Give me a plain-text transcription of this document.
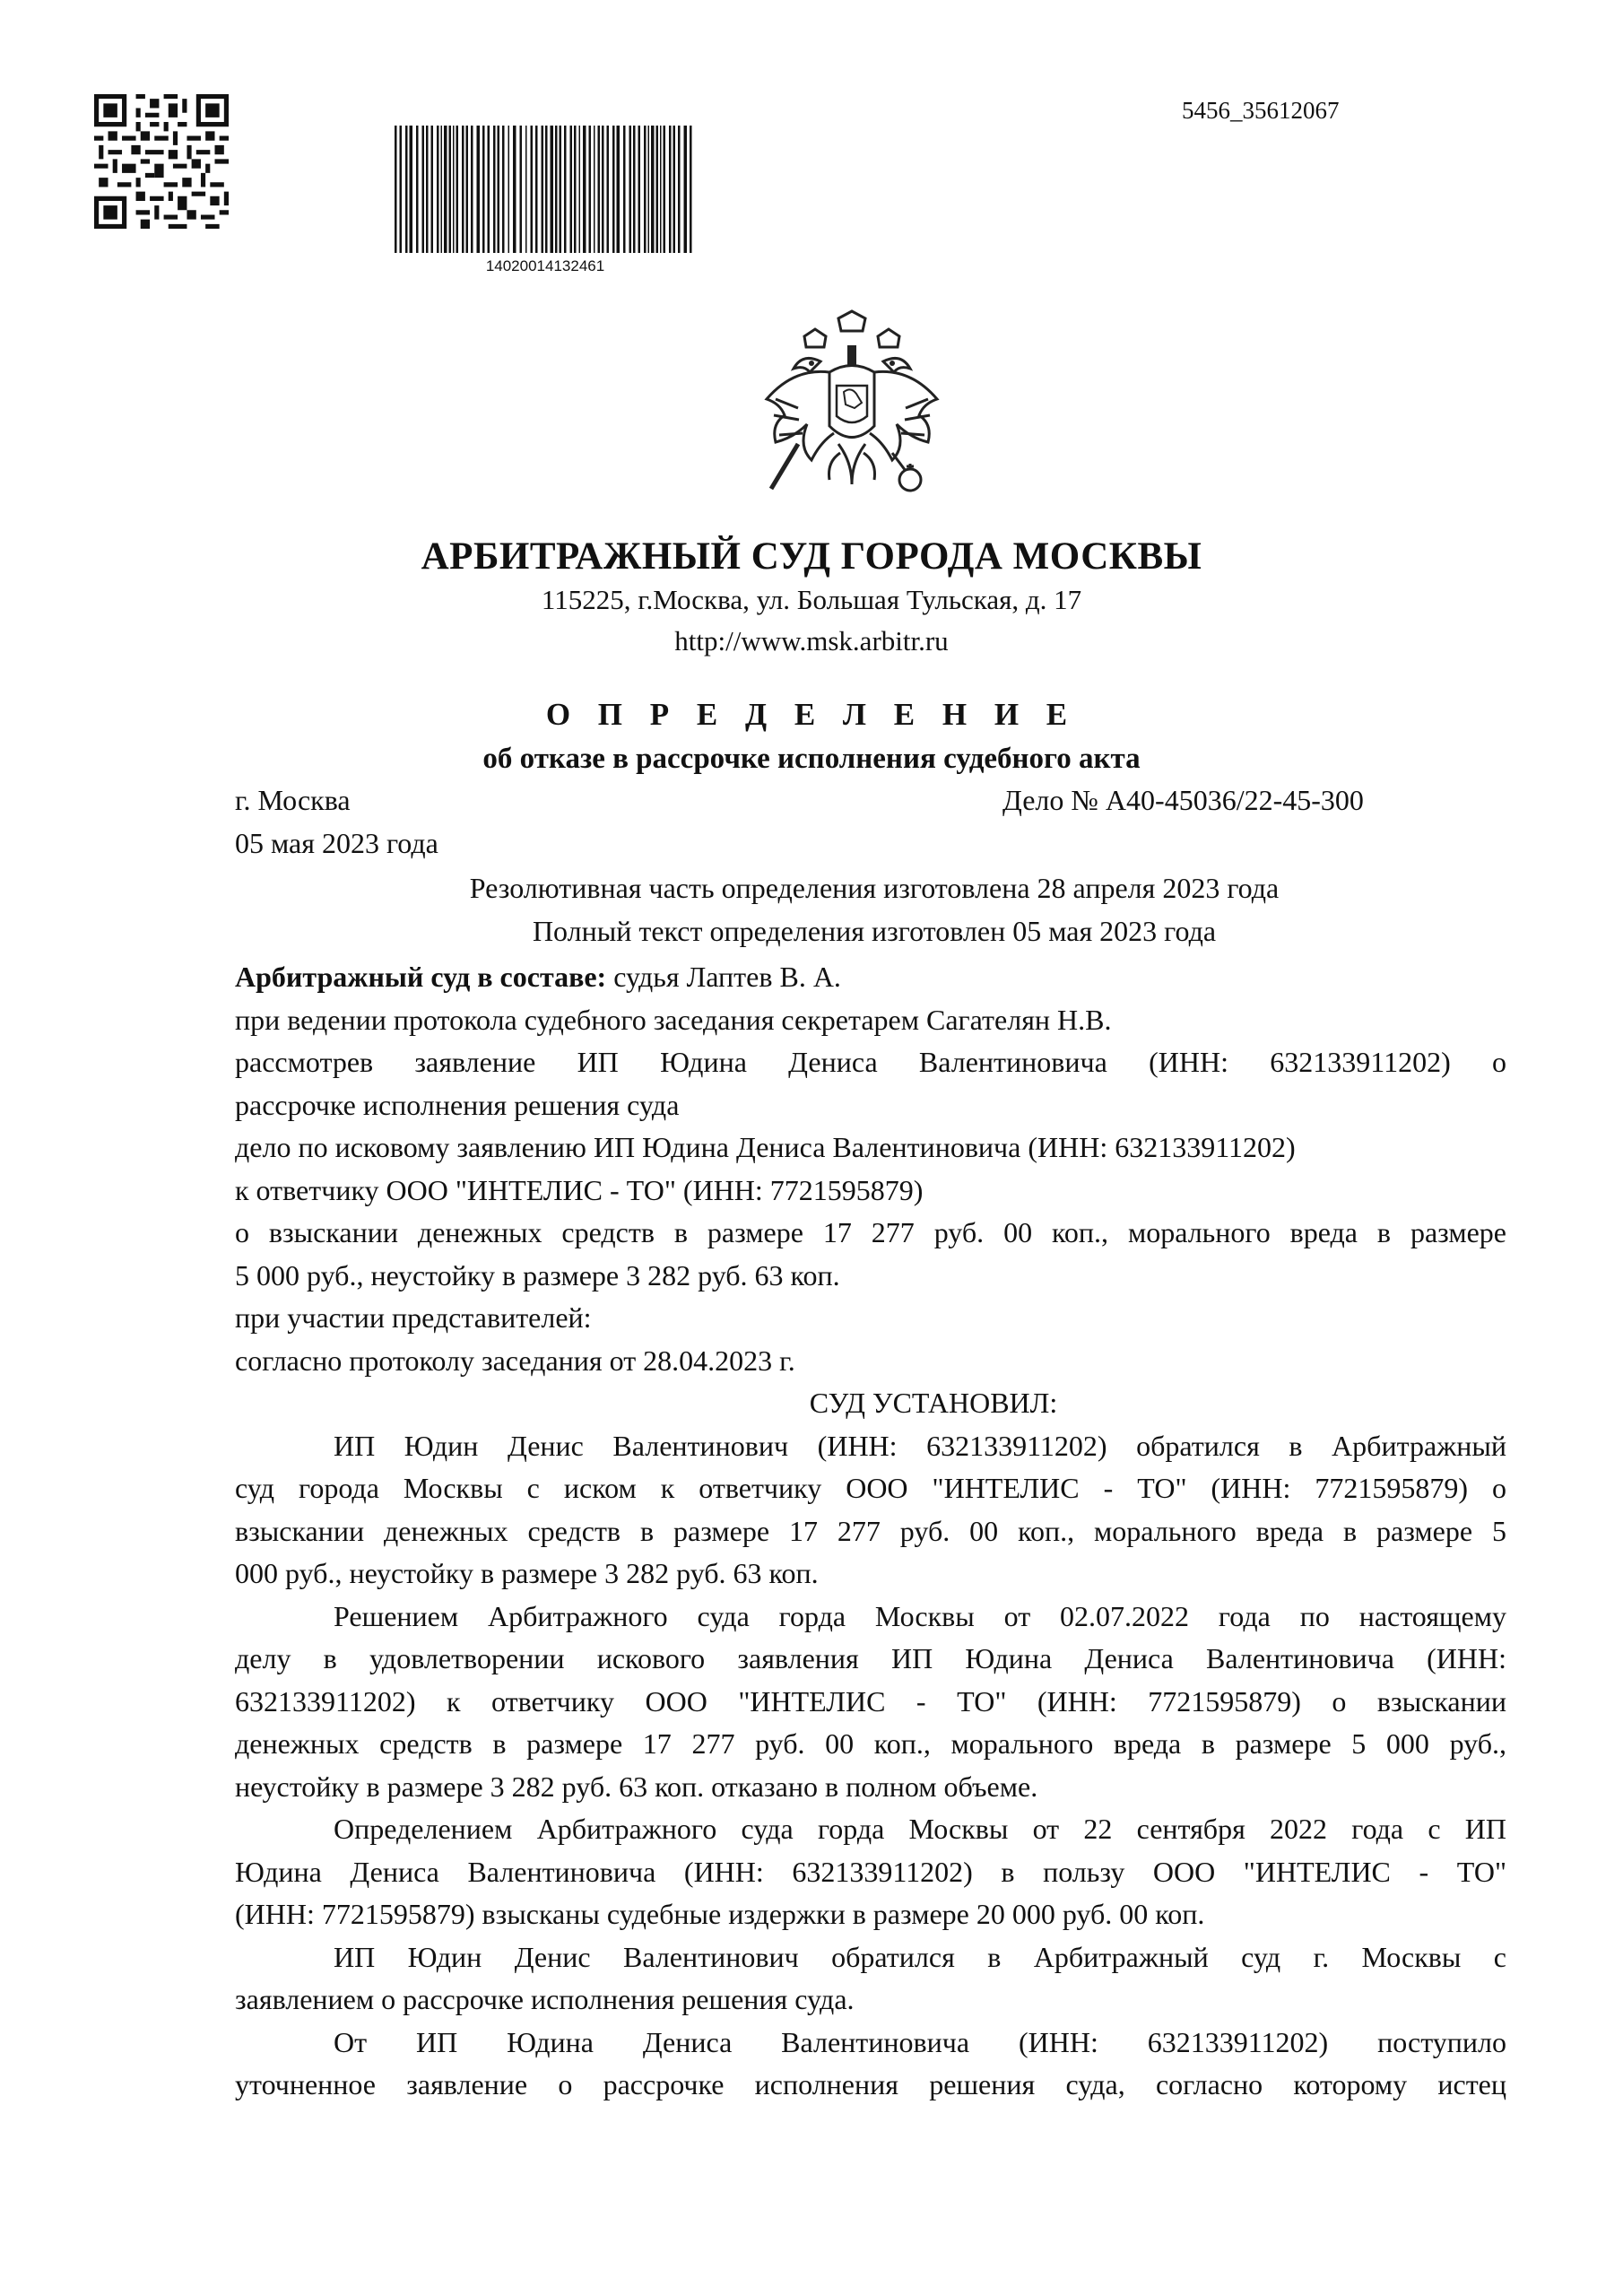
14020014132461
5456_35612067
АРБИТРАЖНЫЙ СУД ГОРОДА МОСКВЫ
115225, г.Москва, ул. Большая Тульская, д. 17
http://www.msk.arbitr.ru
О П Р Е Д Е Л Е Н И Е
об отказе в рассрочке исполнения судебного акта
г. Москва	Дело № А40-45036/22-45-300
05 мая 2023 года
Резолютивная часть определения изготовлена 28 апреля 2023 года
Полный текст определения изготовлен 05 мая 2023 года
Арбитражный суд в составе: судья Лаптев В. А.
при ведении протокола судебного заседания секретарем Сагателян Н.В.
рассмотрев заявление ИП Юдина Дениса Валентиновича (ИНН: 632133911202) о
рассрочке исполнения решения суда
дело по исковому заявлению ИП Юдина Дениса Валентиновича (ИНН: 632133911202)
к ответчику ООО "ИНТЕЛИС - ТО" (ИНН: 7721595879)
о взыскании денежных средств в размере 17 277 руб. 00 коп., морального вреда в размере
5 000 руб., неустойку в размере 3 282 руб. 63 коп.
при участии представителей:
согласно протоколу заседания от 28.04.2023 г.
СУД УСТАНОВИЛ:
ИП Юдин Денис Валентинович (ИНН: 632133911202) обратился в Арбитражный
суд города Москвы с иском к ответчику ООО "ИНТЕЛИС - ТО" (ИНН: 7721595879) о
взыскании денежных средств в размере 17 277 руб. 00 коп., морального вреда в размере 5
000 руб., неустойку в размере 3 282 руб. 63 коп.
Решением Арбитражного суда горда Москвы от 02.07.2022 года по настоящему
делу в удовлетворении искового заявления ИП Юдина Дениса Валентиновича (ИНН:
632133911202) к ответчику ООО "ИНТЕЛИС - ТО" (ИНН: 7721595879) о взыскании
денежных средств в размере 17 277 руб. 00 коп., морального вреда в размере 5 000 руб.,
неустойку в размере 3 282 руб. 63 коп. отказано в полном объеме.
Определением Арбитражного суда горда Москвы от 22 сентября 2022 года с ИП
Юдина Дениса Валентиновича (ИНН: 632133911202) в пользу ООО "ИНТЕЛИС - ТО"
(ИНН: 7721595879) взысканы судебные издержки в размере 20 000 руб. 00 коп.
ИП Юдин Денис Валентинович обратился в Арбитражный суд г. Москвы с
заявлением о рассрочке исполнения решения суда.
От ИП Юдина Дениса Валентиновича (ИНН: 632133911202) поступило
уточненное заявление о рассрочке исполнения решения суда, согласно которому истец
